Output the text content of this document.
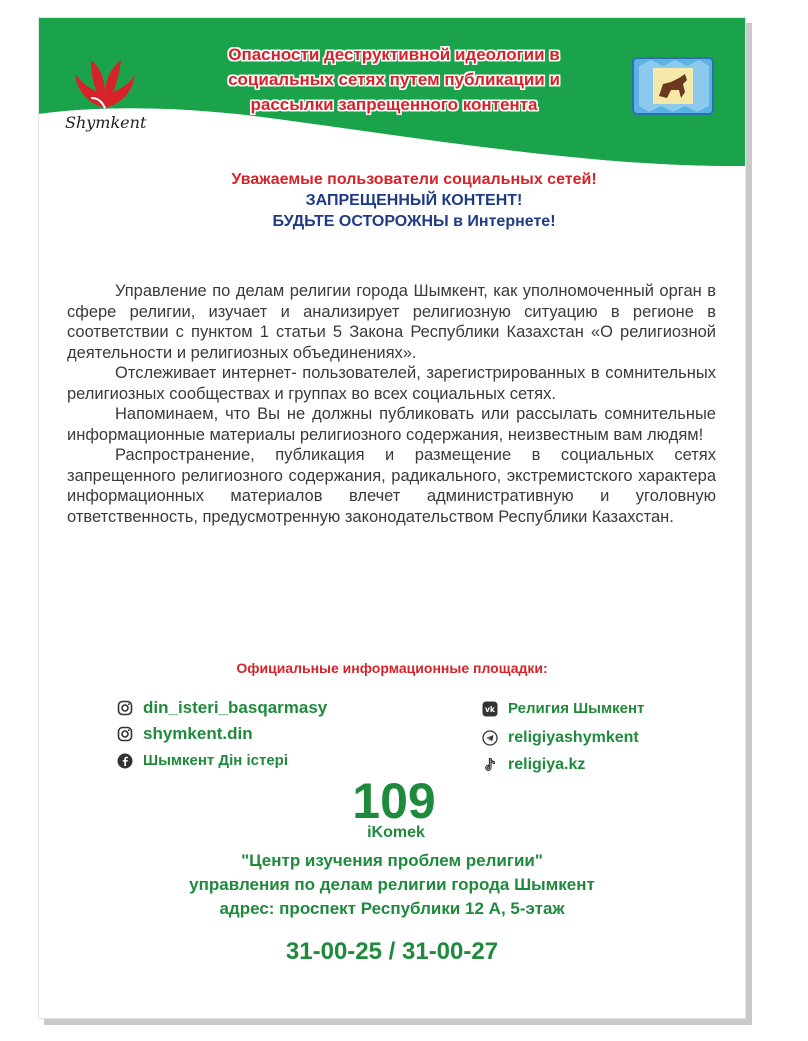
Shymkent
Опасности деструктивной идеологии в
социальных сетях путем публикации и
рассылки запрещенного контента
Уважаемые пользователи социальных сетей!
ЗАПРЕЩЕННЫЙ КОНТЕНТ!
БУДЬТЕ ОСТОРОЖНЫ в Интернете!

Управление по делам религии города Шымкент, как уполномоченный орган в сфере религии, изучает и анализирует религиозную ситуацию в регионе в соответствии с пунктом 1 статьи 5 Закона Республики Казахстан «О религиозной деятельности и религиозных объединениях».

Отслеживает интернет- пользователей, зарегистрированных в сомнительных религиозных сообществах и группах во всех социальных сетях.

Напоминаем, что Вы не должны публиковать или рассылать сомнительные информационные материалы религиозного содержания, неизвестным вам людям!

Распространение, публикация и размещение в социальных сетях запрещенного религиозного содержания, радикального, экстремистского характера информационных материалов влечет административную и уголовную ответственность, предусмотренную законодательством Республики Казахстан.

Официальные информационные площадки:
din_isteri_basqarmasy
shymkent.din
Шымкент Дін істері
vk Религия Шымкент
religiyashymkent
religiya.kz
109
iKomek
"Центр изучения проблем религии"
управления по делам религии города Шымкент
адрес: проспект Республики 12 А, 5-этаж
31-00-25 / 31-00-27
